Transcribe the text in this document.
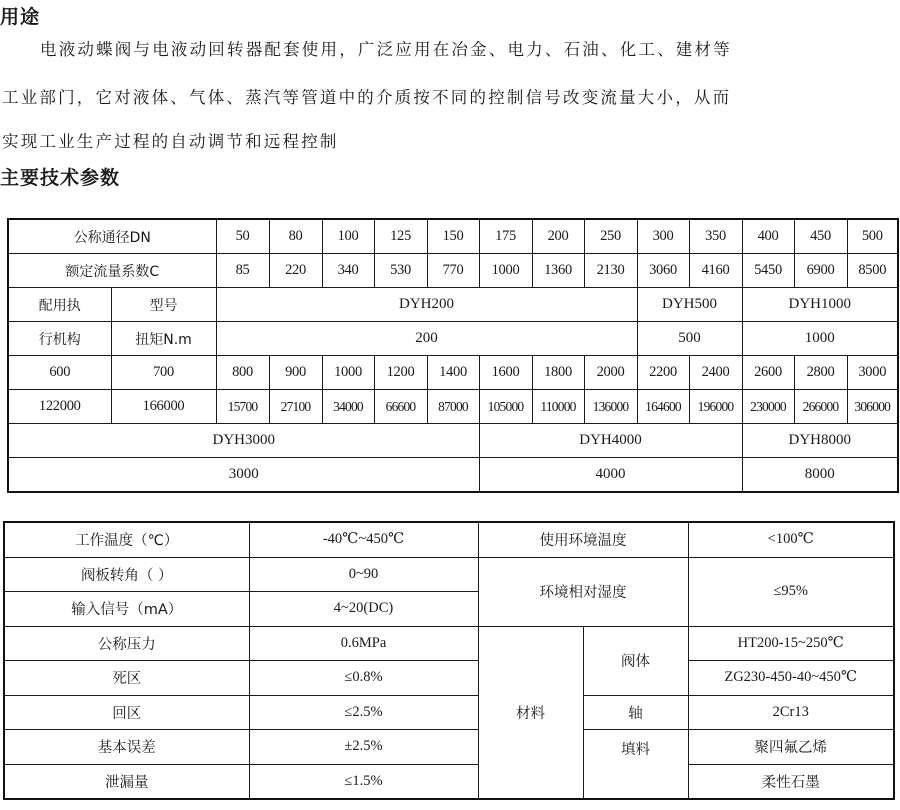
用途
电液动蝶阀与电液动回转器配套使用，广泛应用在冶金、电力、石油、化工、建材等
工业部门，它对液体、气体、蒸汽等管道中的介质按不同的控制信号改变流量大小，从而
实现工业生产过程的自动调节和远程控制
主要技术参数
公称通径DN		50	80	100	125	150	175	200	250	300	350	400	450	500
额定流量系数C		85	220	340	530	770	1000	1360	2130	3060	4160	5450	6900	8500
配用执	型号	DYH200								DYH500		DYH1000		
行机构	扭矩N.m	200								500		1000		
600	700	800	900	1000	1200	1400	1600	1800	2000	2200	2400	2600	2800	3000
122000	166000	15700	27100	34000	66600	87000	105000	110000	136000	164600	196000	230000	266000	306000
DYH3000							DYH4000					DYH8000		
3000							4000					8000		
工作温度（℃）	-40℃~450℃	使用环境温度		<100℃
阀板转角（ ）	0~90	环境相对湿度		≤95%
输入信号（mA）	4~20(DC)			
公称压力	0.6MPa	材料	阀体	HT200-15~250℃
死区	≤0.8%			ZG230-450-40~450℃
回区	≤2.5%		轴	2Cr13
基本误差	±2.5%		填料	聚四氟乙烯
泄漏量	≤1.5%			柔性石墨
